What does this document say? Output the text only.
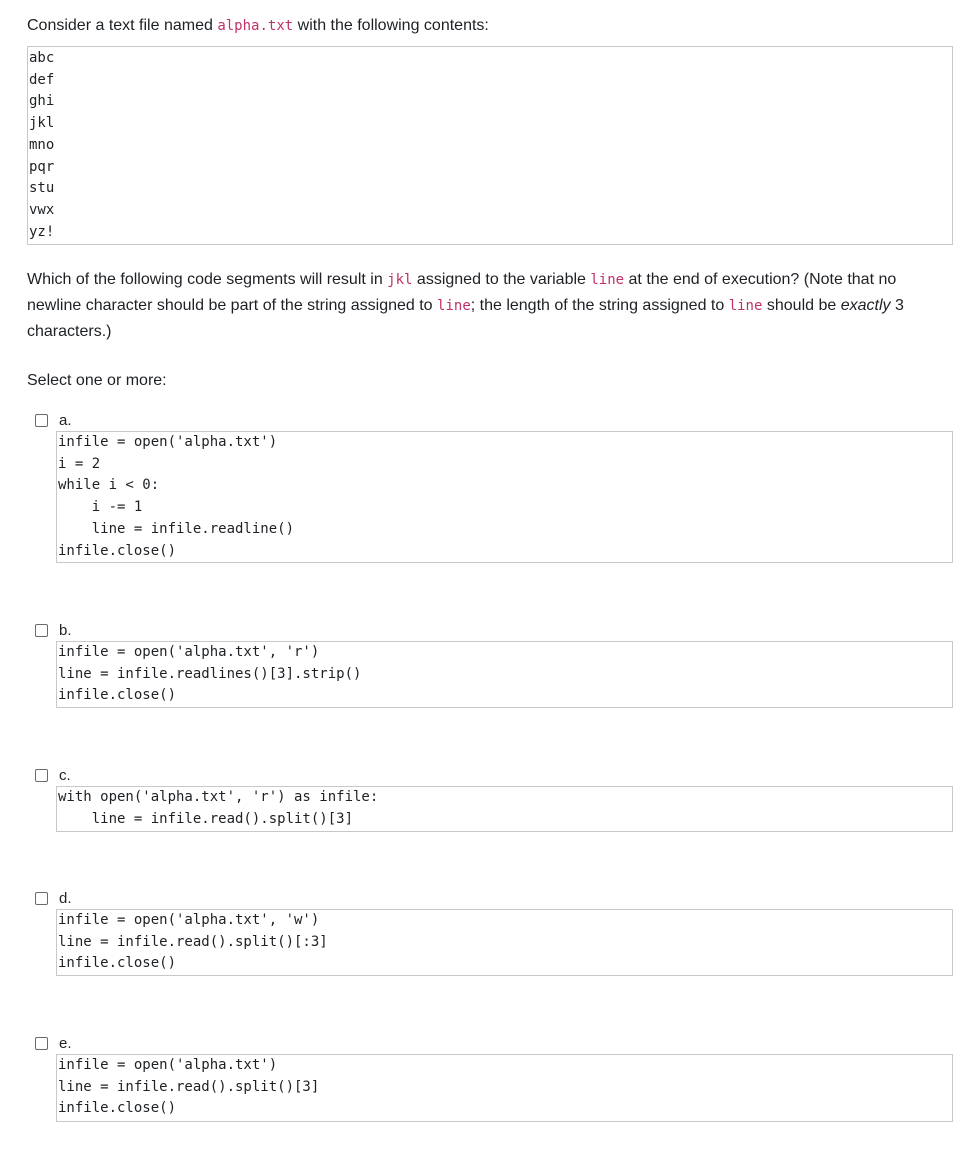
Consider a text file named alpha.txt with the following contents:

abc
def
ghi
jkl
mno
pqr
stu
vwx
yz!

Which of the following code segments will result in jkl assigned to the variable line at the end of execution? (Note that no newline character should be part of the string assigned to line; the length of the string assigned to line should be exactly 3 characters.)

Select one or more:

a.
infile = open('alpha.txt')
i = 2
while i < 0:
i -= 1
line = infile.readline()
infile.close()
b.
infile = open('alpha.txt', 'r')
line = infile.readlines()[3].strip()
infile.close()
c.
with open('alpha.txt', 'r') as infile:
line = infile.read().split()[3]
d.
infile = open('alpha.txt', 'w')
line = infile.read().split()[:3]
infile.close()
e.
infile = open('alpha.txt')
line = infile.read().split()[3]
infile.close()
